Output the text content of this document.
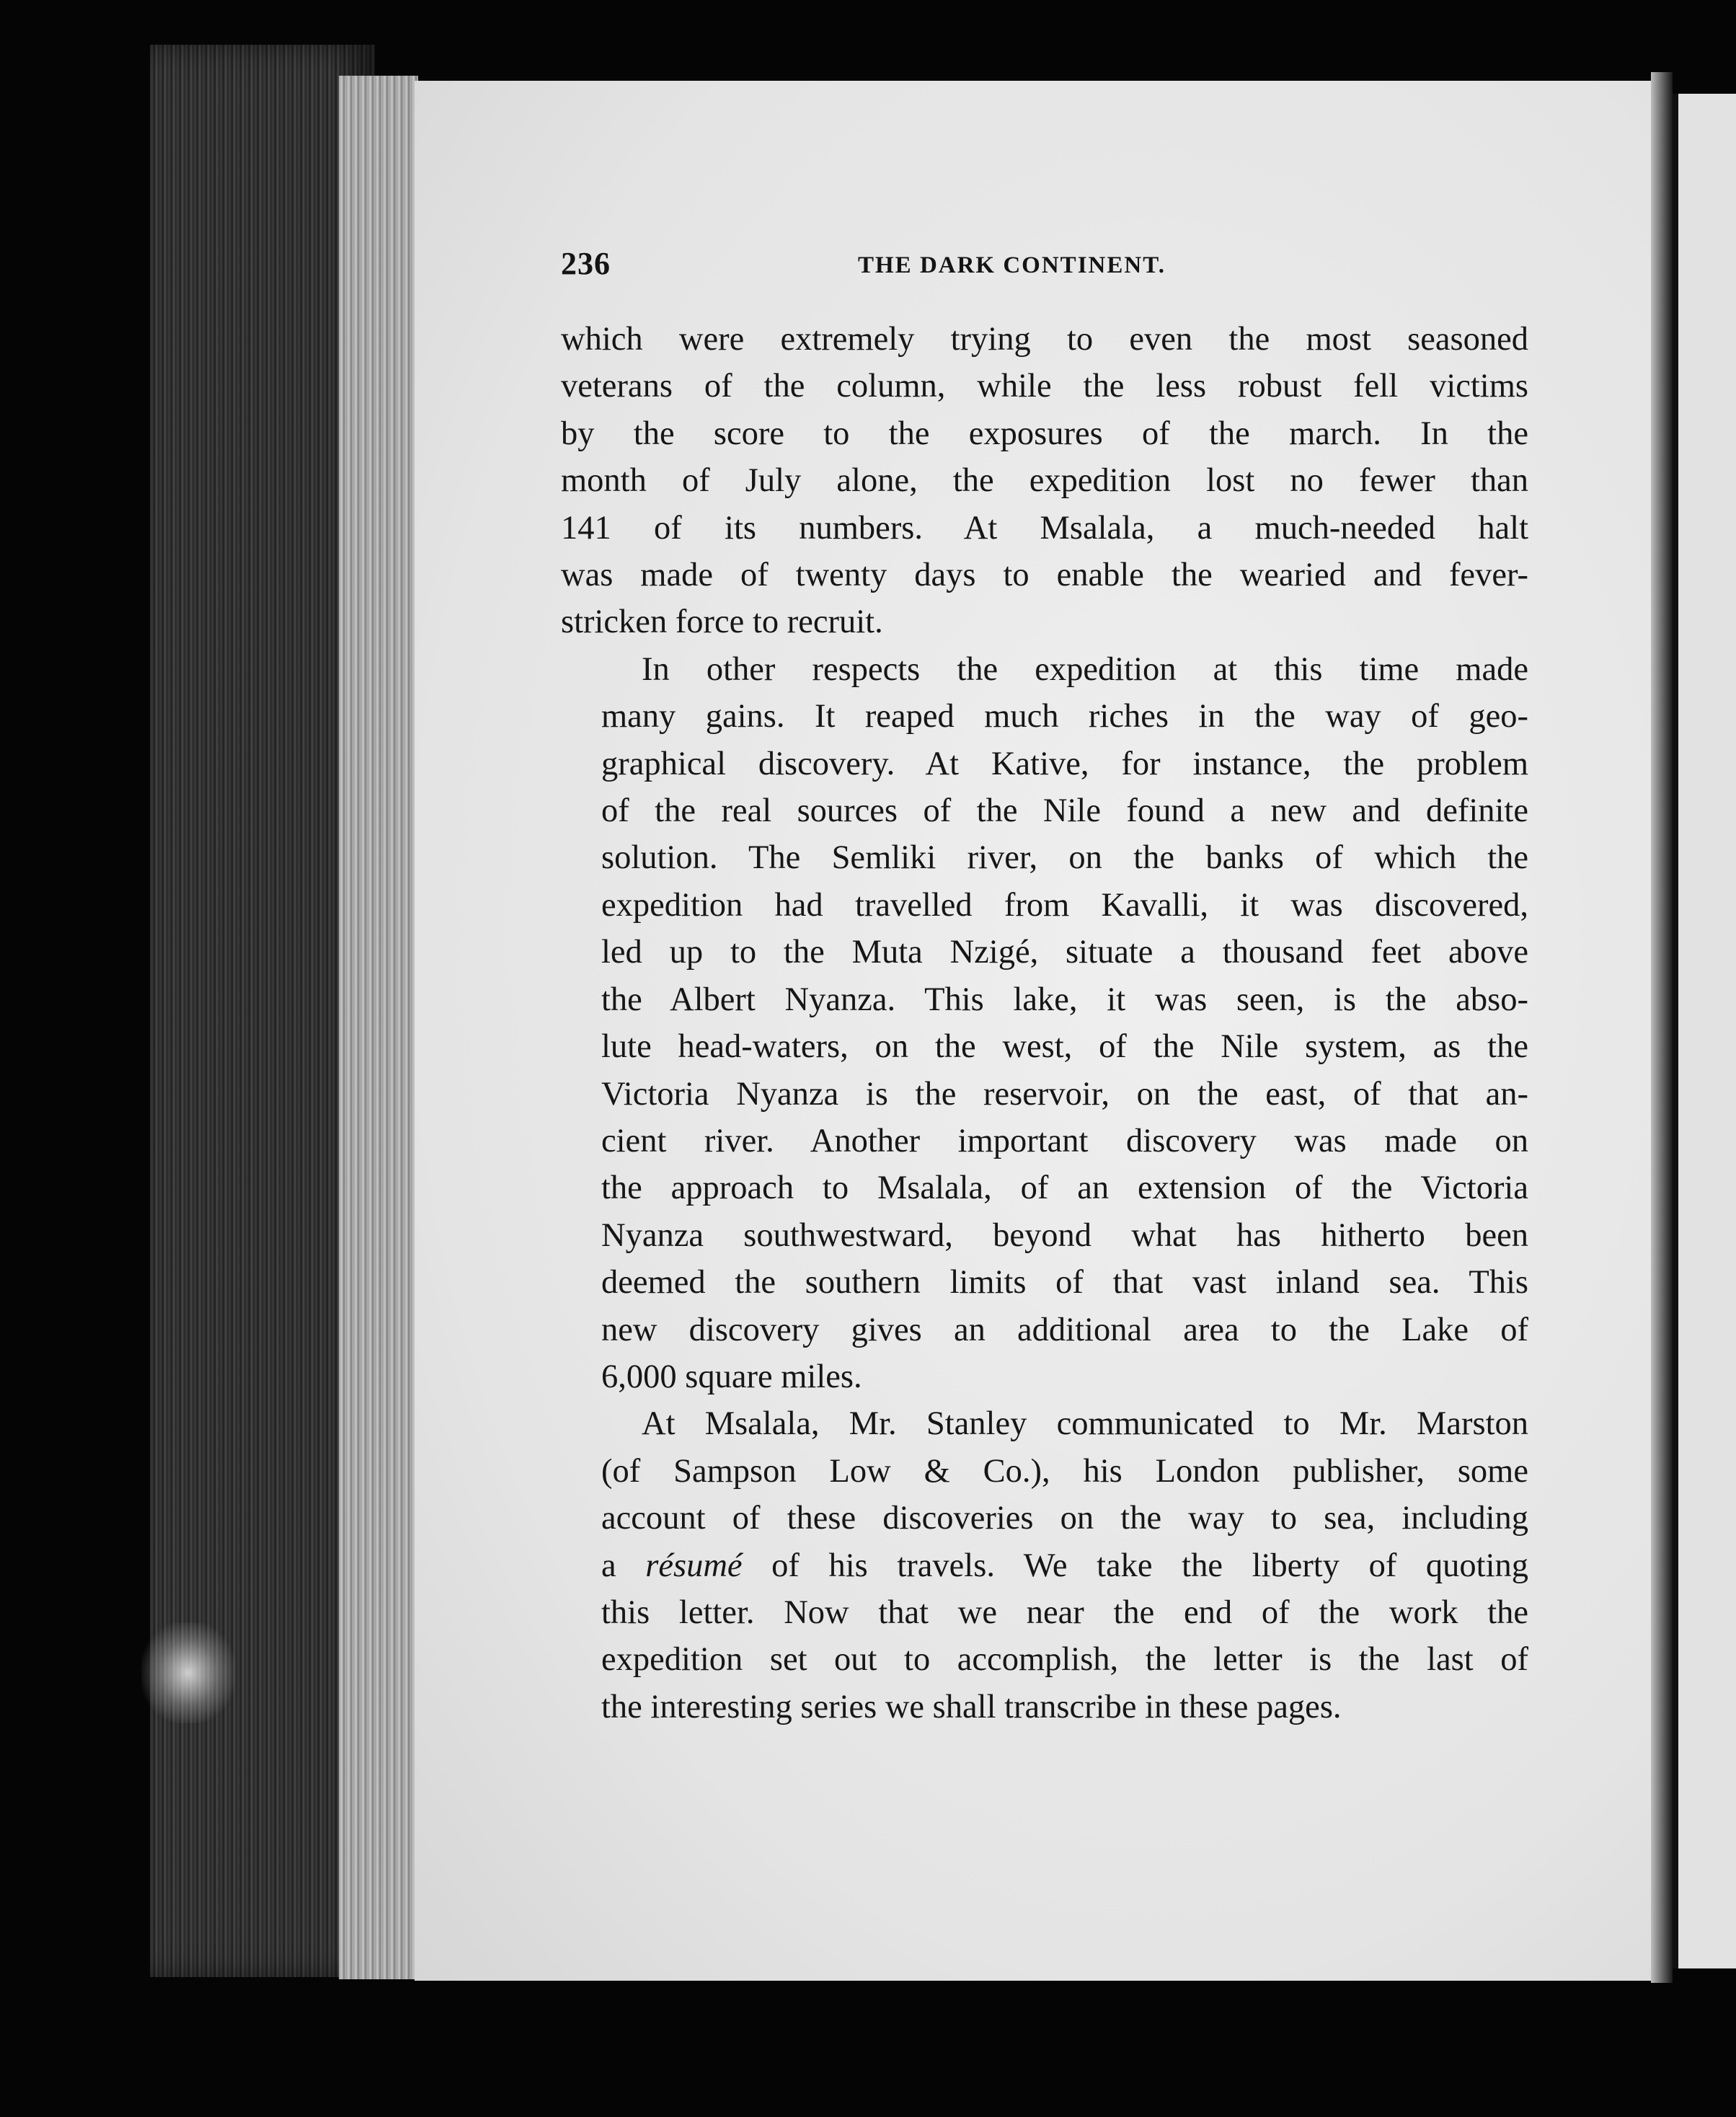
236	THE DARK CONTINENT.

which were extremely trying to even the most seasoned
veterans of the column, while the less robust fell victims
by the score to the exposures of the march. In the
month of July alone, the expedition lost no fewer than
141 of its numbers. At Msalala, a much-needed halt
was made of twenty days to enable the wearied and fever-
stricken force to recruit.

In other respects the expedition at this time made
many gains. It reaped much riches in the way of geo-
graphical discovery. At Kative, for instance, the problem
of the real sources of the Nile found a new and definite
solution. The Semliki river, on the banks of which the
expedition had travelled from Kavalli, it was discovered,
led up to the Muta Nzigé, situate a thousand feet above
the Albert Nyanza. This lake, it was seen, is the abso-
lute head-waters, on the west, of the Nile system, as the
Victoria Nyanza is the reservoir, on the east, of that an-
cient river. Another important discovery was made on
the approach to Msalala, of an extension of the Victoria
Nyanza southwestward, beyond what has hitherto been
deemed the southern limits of that vast inland sea. This
new discovery gives an additional area to the Lake of
6,000 square miles.

At Msalala, Mr. Stanley communicated to Mr. Marston
(of Sampson Low & Co.), his London publisher, some
account of these discoveries on the way to sea, including
a résumé of his travels. We take the liberty of quoting
this letter. Now that we near the end of the work the
expedition set out to accomplish, the letter is the last of
the interesting series we shall transcribe in these pages.
